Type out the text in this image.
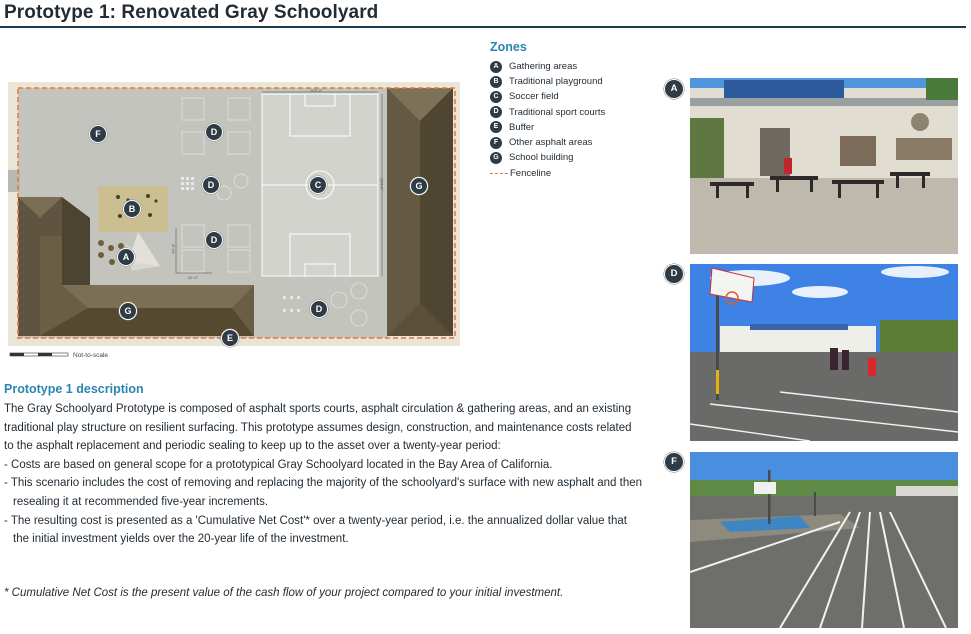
Prototype 1: Renovated Gray Schoolyard
103'-0"
224'-0"
40'-0"
42'-0"
F	D
D	C	G
B
D
A
G	D
E
Not-to-scale
Zones
A	Gathering areas
B	Traditional playground
C	Soccer field
D	Traditional sport courts
E	Buffer
F	Other asphalt areas
G	School building
Fenceline
Prototype 1 description

The Gray Schoolyard Prototype is composed of asphalt sports courts, asphalt circulation & gathering areas, and an existing traditional play structure on resilient surfacing. This prototype assumes design, construction, and maintenance costs related to the asphalt replacement and periodic sealing to keep up to the asset over a twenty-year period:

- Costs are based on general scope for a prototypical Gray Schoolyard located in the Bay Area of California.

- This scenario includes the cost of removing and replacing the majority of the schoolyard's surface with new asphalt and then resealing it at recommended five-year increments.

- The resulting cost is presented as a 'Cumulative Net Cost'* over a twenty-year period, i.e. the annualized dollar value that the initial investment yields over the 20-year life of the investment.

* Cumulative Net Cost is the present value of the cash flow of your project compared to your initial investment.

A
D
F
